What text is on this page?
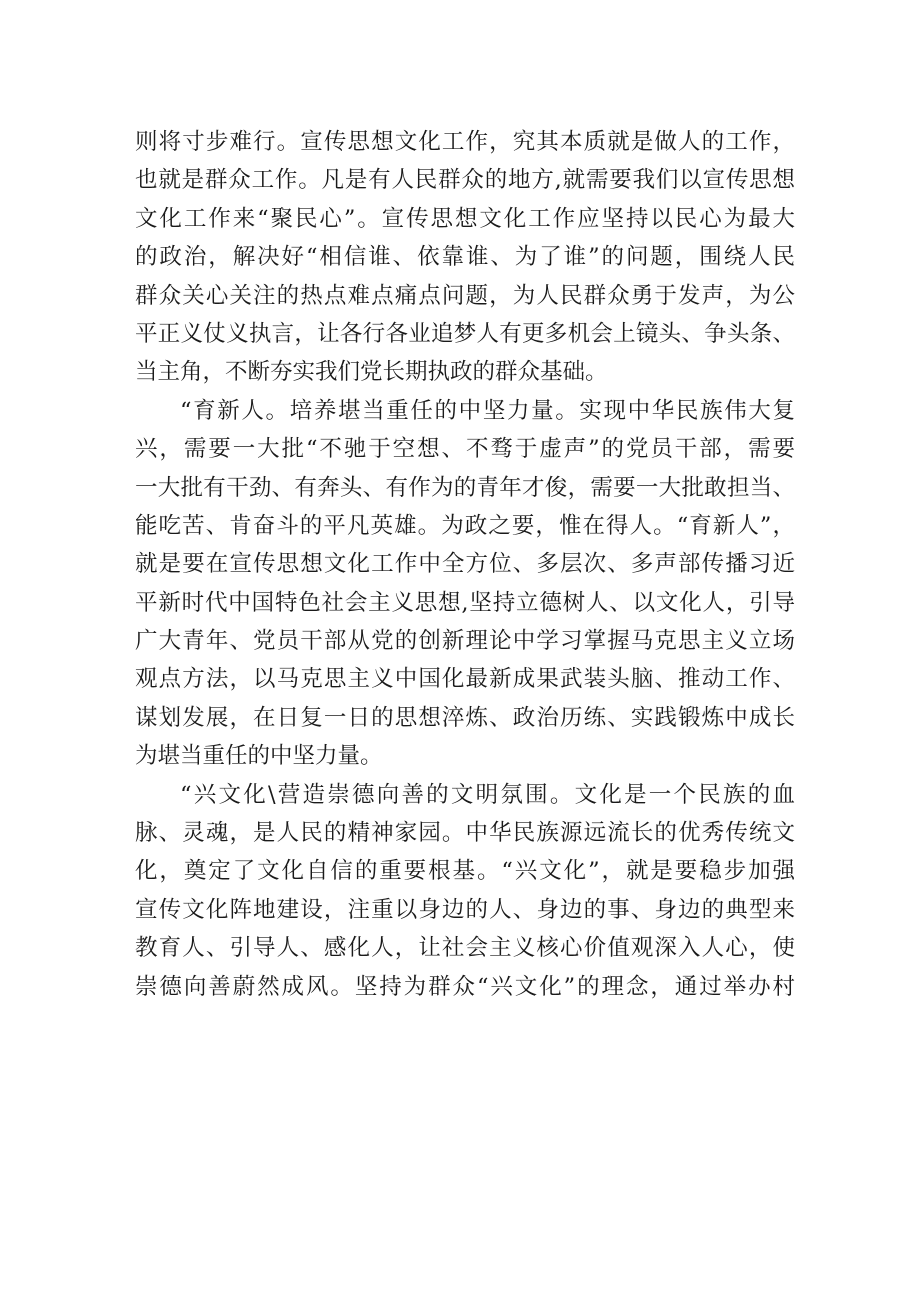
则将寸步难行。宣传思想文化工作，究其本质就是做人的工作，
也就是群众工作。凡是有人民群众的地方,就需要我们以宣传思想
文化工作来“聚民心”。宣传思想文化工作应坚持以民心为最大
的政治，解决好“相信谁、依靠谁、为了谁”的问题，围绕人民
群众关心关注的热点难点痛点问题，为人民群众勇于发声，为公
平正义仗义执言，让各行各业追梦人有更多机会上镜头、争头条、
当主角，不断夯实我们党长期执政的群众基础。
“育新人。培养堪当重任的中坚力量。实现中华民族伟大复
兴，需要一大批“不驰于空想、不骛于虚声”的党员干部，需要
一大批有干劲、有奔头、有作为的青年才俊，需要一大批敢担当、
能吃苦、肯奋斗的平凡英雄。为政之要，惟在得人。“育新人”，
就是要在宣传思想文化工作中全方位、多层次、多声部传播习近
平新时代中国特色社会主义思想,坚持立德树人、以文化人，引导
广大青年、党员干部从党的创新理论中学习掌握马克思主义立场
观点方法，以马克思主义中国化最新成果武装头脑、推动工作、
谋划发展，在日复一日的思想淬炼、政治历练、实践锻炼中成长
为堪当重任的中坚力量。
“兴文化\营造崇德向善的文明氛围。文化是一个民族的血
脉、灵魂，是人民的精神家园。中华民族源远流长的优秀传统文
化，奠定了文化自信的重要根基。“兴文化”，就是要稳步加强
宣传文化阵地建设，注重以身边的人、身边的事、身边的典型来
教育人、引导人、感化人，让社会主义核心价值观深入人心，使
崇德向善蔚然成风。坚持为群众“兴文化”的理念，通过举办村
